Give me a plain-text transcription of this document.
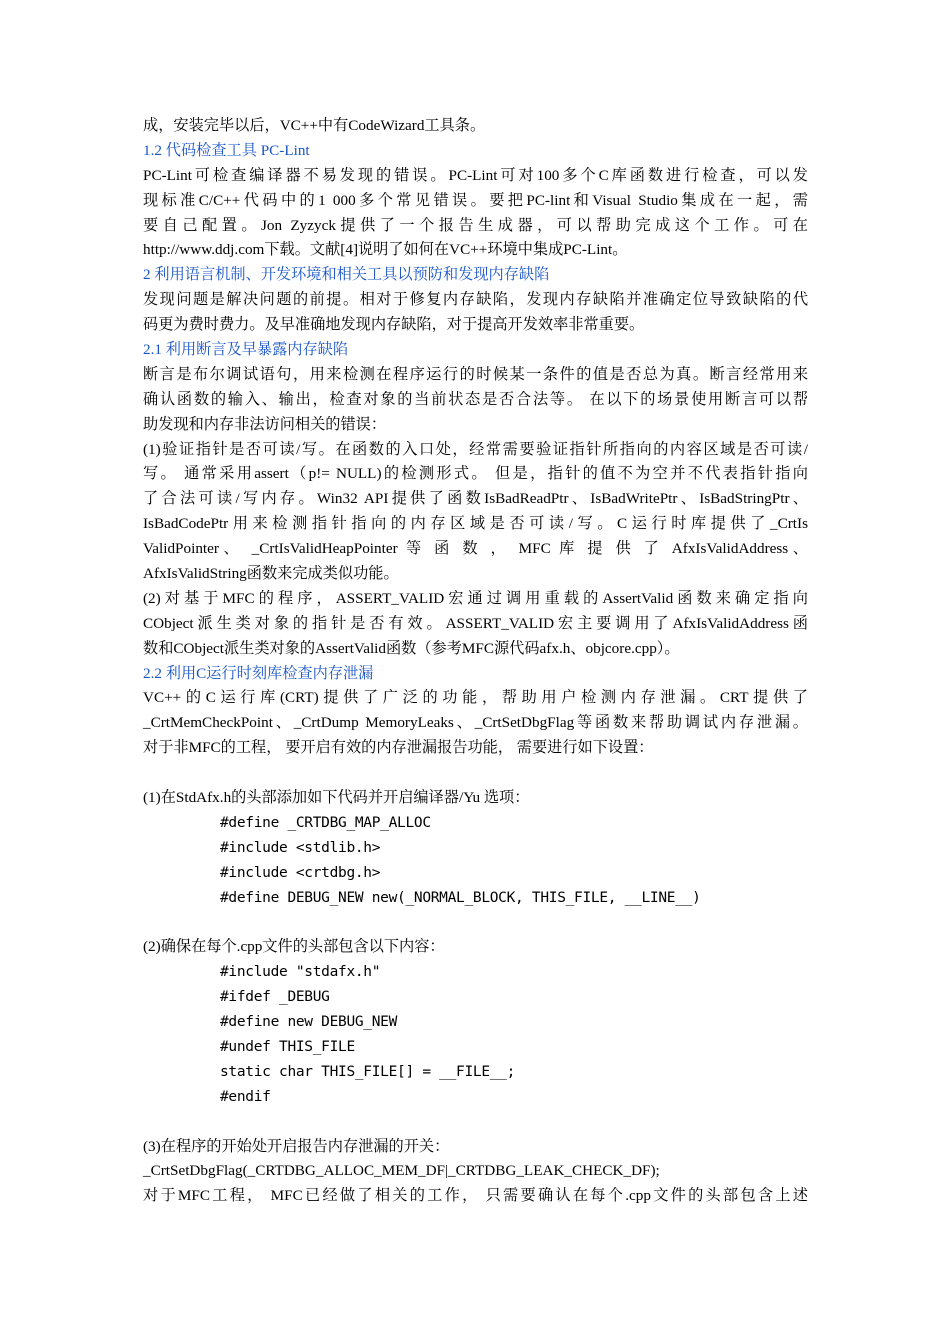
成，安装完毕以后，VC++中有CodeWizard工具条。
1.2 代码检查工具 PC-Lint
PC-Lint可检查编译器不易发现的错误。PC-Lint可对100多个C库函数进行检查，可以发
现标准C/C++代码中的1 000多个常见错误。要把PC-lint和Visual Studio集成在一起，需
要自己配置。Jon Zyzyck提供了一个报告生成器，可以帮助完成这个工作。可在
http://www.ddj.com下载。文献[4]说明了如何在VC++环境中集成PC-Lint。
2 利用语言机制、开发环境和相关工具以预防和发现内存缺陷
发现问题是解决问题的前提。相对于修复内存缺陷，发现内存缺陷并准确定位导致缺陷的代
码更为费时费力。及早准确地发现内存缺陷，对于提高开发效率非常重要。
2.1 利用断言及早暴露内存缺陷
断言是布尔调试语句，用来检测在程序运行的时候某一条件的值是否总为真。断言经常用来
确认函数的输入、输出，检查对象的当前状态是否合法等。 在以下的场景使用断言可以帮
助发现和内存非法访问相关的错误：
(1)验证指针是否可读/写。在函数的入口处，经常需要验证指针所指向的内容区域是否可读/
写。 通常采用assert（p!= NULL)的检测形式。 但是，指针的值不为空并不代表指针指向
了合法可读/写内存。Win32 API提供了函数IsBadReadPtr、IsBadWritePtr、IsBadStringPtr、
IsBadCodePtr用来检测指针指向的内存区域是否可读/写。C运行时库提供了_CrtIs
ValidPointer、 _CrtIsValidHeapPointer 等 函 数 ， MFC 库 提 供 了 AfxIsValidAddress、
AfxIsValidString函数来完成类似功能。
(2)对基于MFC的程序，ASSERT_VALID宏通过调用重载的AssertValid函数来确定指向
CObject派生类对象的指针是否有效。ASSERT_VALID宏主要调用了AfxIsValidAddress函
数和CObject派生类对象的AssertValid函数（参考MFC源代码afx.h、objcore.cpp）。
2.2 利用C运行时刻库检查内存泄漏
VC++的C运行库(CRT)提供了广泛的功能，帮助用户检测内存泄漏。CRT提供了
_CrtMemCheckPoint、_CrtDump MemoryLeaks、_CrtSetDbgFlag等函数来帮助调试内存泄漏。
对于非MFC的工程， 要开启有效的内存泄漏报告功能， 需要进行如下设置：
(1)在StdAfx.h的头部添加如下代码并开启编译器/Yu 选项：
#define _CRTDBG_MAP_ALLOC
#include <stdlib.h>
#include <crtdbg.h>
#define DEBUG_NEW new(_NORMAL_BLOCK, THIS_FILE, __LINE__)
(2)确保在每个.cpp文件的头部包含以下内容：
#include "stdafx.h"
#ifdef _DEBUG
#define new DEBUG_NEW
#undef THIS_FILE
static char THIS_FILE[] = __FILE__;
#endif
(3)在程序的开始处开启报告内存泄漏的开关：
_CrtSetDbgFlag(_CRTDBG_ALLOC_MEM_DF|_CRTDBG_LEAK_CHECK_DF);
对于MFC工程， MFC已经做了相关的工作， 只需要确认在每个.cpp文件的头部包含上述
